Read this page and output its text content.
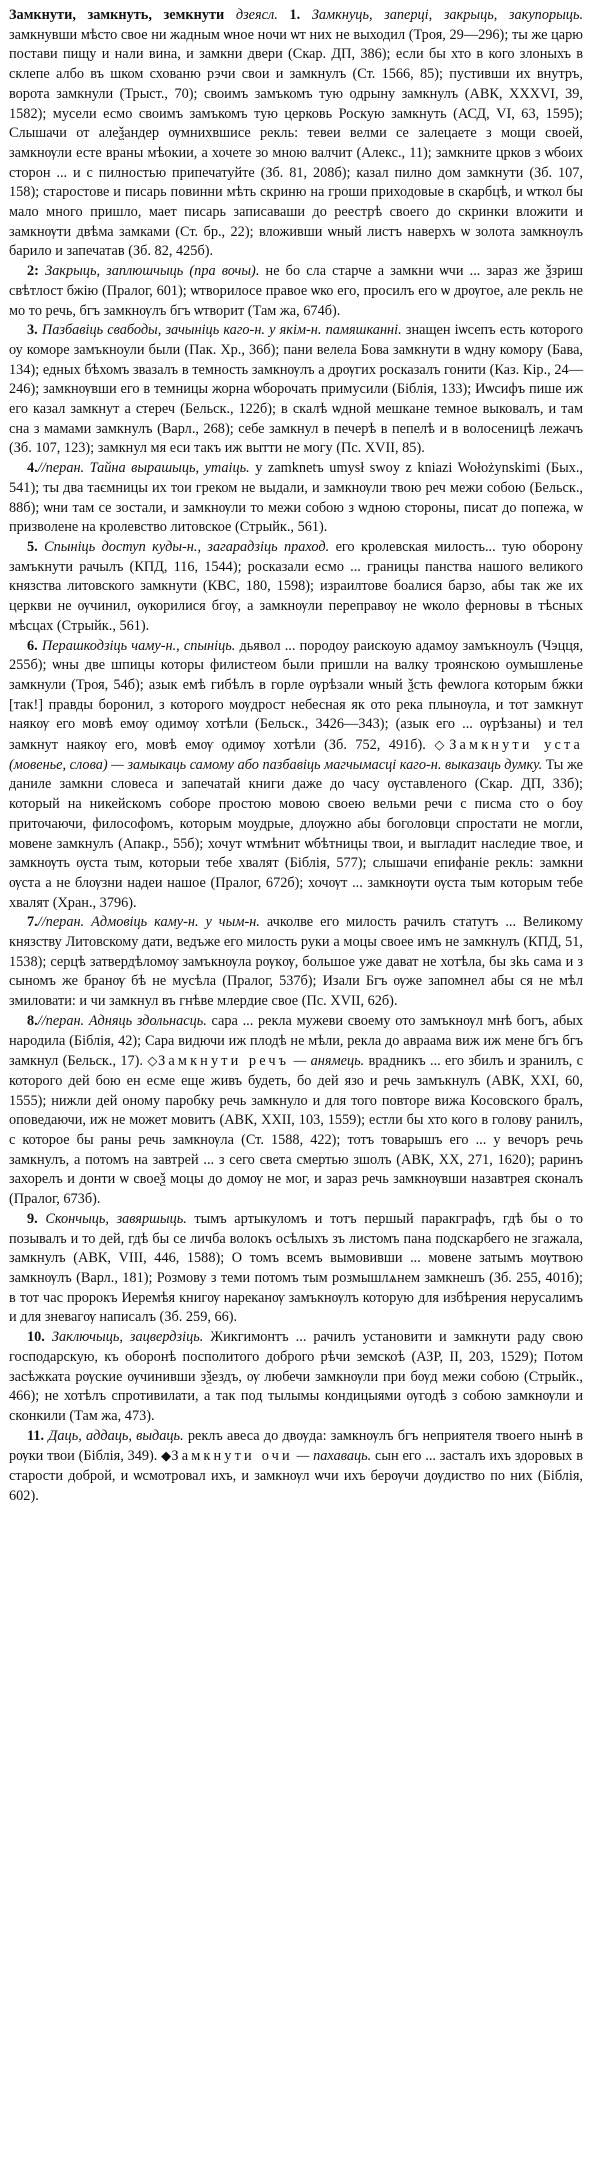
Замкнути, замкнуть, земкнути дзеясл. 1. Замкнуць, заперці, закрыць, закупорыць. замкнувши мѣсто свое ни жадным ѡное ночи ѡт них не выходил (Троя, 29—296); ты же царю постави пищу и нали вина, и замкни двери (Скар. ДП, 386); если бы хто в кого злоныхъ в склепе албо въ шком схованю рэчи свои и замкнулъ (Ст. 1566, 85); пустивши их внутръ, ворота замкнули (Трыст., 70); своимъ замъкомъ тую одрыну замкнулъ (АВК, XXXVI, 39, 1582); мусели есмо своимъ замъкомъ тую церковь Роскую замкнуть (АСД, VI, 63, 1595); Слышачи от алеѯандер ѹмнихвшисе рекль: тевеи велми се залецаете з мощи своей, замкнѹли есте враны мѣокии, а хочете зо мною валчит (Алекс., 11); замкните црков з ѡбоих сторон ... и с пилностью припечатуйте (Зб. 81, 208б); казал пилно дом замкнути (Зб. 107, 158); старостове и писарь повинни мѣть скриню на гроши приходовые в скарбцѣ, и ѡткол бы мало много пришло, мает писарь записаваши до реестрѣ своего до скринки вложити и замкнѹти двѣма замками (Ст. бр., 22); вложивши ѡный листъ наверхъ ѡ золота замкнѹлъ барило и запечатав (Зб. 82, 425б).

2: Закрыць, заплюшчыць (пра вочы). не бо сла старче а замкни ѡчи ... зараз же ѯзриш свѣтлост бжію (Пралог, 601); ѡтворилосе правое ѡко его, просилъ его ѡ дрѹгое, але рекль не мо то речь, бгъ замкнѹлъ бгъ ѡтворит (Там жа, 674б).

3. Пазбавіць свабоды, зачыніць каго-н. у якім-н. памяшканні. знащен іѡсепъ есть которого оу коморе замъкноули были (Пак. Хр., 36б); пани велела Бова замкнути в ѡдну комору (Бава, 134); едных бѣхомъ звазалъ в темность замкнѹлъ а дрѹгих росказалъ гонити (Каз. Кір., 24—246); замкнѹвши его в темницы жорна ѡборочать примусили (Біблія, 133); Иѡсифъ пише иж его казал замкнут а стереч (Бельск., 122б); в скалѣ ѡдной мешкане темное выковалъ, и там сна з мамами замкнулъ (Варл., 268); себе замкнул в печерѣ в пепелѣ и в волосеницѣ лежачъ (Зб. 107, 123); замкнул мя еси такъ иж вытти не могу (Пс. XVII, 85).

4.//перан. Тайна вырашыць, утаіць. у zamknetъ umysł swoy z kniazi Wołożynskimi (Бых., 541); ты два таємницы их тои греком не выдали, и замкнѹли твою реч межи собою (Бельск., 88б); ѡни там се зостали, и замкнѹли то межи собою з ѡдною стороны, писат до попежа, ѡ призволене на кролевство литовское (Стрыйк., 561).

5. Спыніць доступ куды-н., загарадзіць праход. его кролевская милость... тую оборону замъкнути рачылъ (КПД, 116, 1544); росказали есмо ... границы панства нашого великого князства литовского замкнути (КВС, 180, 1598); израилтове боалися барзо, абы так же их церкви не ѹчинил, ѹкорилися бгѹ, а замкнѹли переправѹ не ѡколо ферновы в тѣсных мѣсцах (Стрыйк., 561).

6. Перашкодзіць чаму-н., спыніць. дьявол ... породоу раискоую адамоу замъкноулъ (Чэцця, 255б); ѡны две шпицы которы филистеом были пришли на валку троянскою оумышленье замкнули (Троя, 54б); азык емѣ гибѣлъ в горле ѹрѣзали ѡный ѯсть феѡлога которым бжки [так!] правды боронил, з которого мѹдрост небесная як ото река плынѹла, и тот замкнут наякѹ его мовѣ емѹ одимѹ хотѣли (Бельск., 3426—343); (азык его ... ѹрѣзаны) и тел замкнут наякѹ его, мовѣ емѹ одимѹ хотѣли (Зб. 752, 491б). ◇Замкнути уста (мовенье, слова) — замыкаць самому або пазбавіць магчымасці каго-н. выказаць думку. Ты же даниле замкни словеса и запечатай книги даже до часу ѹставленого (Скар. ДП, 33б); который на никейскомъ соборе простою мовою своею вельми речи с писма сто о боу приточаючи, философомъ, которым моудрые, длѹжно абы боголовци спростати не могли, мовене замкнулъ (Апакр., 55б); хочут ѡтмѣнит ѡбѣтницы твои, и выгладит наследие твое, и замкнѹть ѹста тым, которыи тебе хвалят (Біблія, 577); слышачи епифаніе рекль: замкни ѹста а не блѹзни надеи нашое (Пралог, 672б); хочѹт ... замкнѹти ѹста тым которым тебе хвалят (Хран., 3796).

7.//перан. Адмовіць каму-н. у чым-н. ачколве его милость рачилъ статутъ ... Великому князству Литовскому дати, ведъже его милость руки а моцы своее имъ не замкнулъ (КПД, 51, 1538); серцѣ затвердѣломѹ замъкнѹла рѹкѹ, большое уже дават не хотѣла, бы зkь сама и з сыномъ же бранѹ бѣ не мусѣла (Пралог, 537б); Изали Бгъ ѹже запомнел абы ся не мѣл змиловати: и чи замкнул въ гнѣве млердие свое (Пс. XVII, 62б).

8.//перан. Адняць здольнасць. сара ... рекла мужеви своему ото замъкнѹл мнѣ богъ, абых народила (Біблія, 42); Сара видючи иж плодѣ не мѣли, рекла до авраама виж иж мене бгъ бгъ замкнул (Бельск., 17). ◇Замкнути речъ — анямець. врадникъ ... его збилъ и зранилъ, с которого дей бою ен есме еще живъ будеть, бо дей язо и речь замъкнулъ (АВК, XXI, 60, 1555); нижли дей оному паробку речь замкнуло и для того повторе вижа Косовского бралъ, оповедаючи, иж не может мовитъ (АВК, XXII, 103, 1559); естли бы хто кого в голову ранилъ, с которое бы раны речь замкнѹла (Ст. 1588, 422); тотъ товарышъ его ... у вечоръ речь замкнулъ, а потомъ на завтрей ... з сего света смертью зшолъ (АВК, XX, 271, 1620); раринъ захорелъ и донти ѡ своеѯ моцы до домѹ не мог, и зараз речь замкнѹвши назавтрея сконалъ (Пралог, 673б).

9. Скончыць, завяршыць. тымъ артыкуломъ и тотъ першый паракграфъ, гдѣ бы о то позывалъ и то дей, гдѣ бы се личба волокъ осѣлыхъ зъ листомъ пана подскарбего не згажала, замкнулъ (АВК, VIII, 446, 1588); О томъ всемъ вымовивши ... мовене затымъ мѹтвою замкнѹлъ (Варл., 181); Розмову з теми потомъ тым розмышлѧнем замкнешъ (Зб. 255, 401б); в тот час пророкъ Иеремѣя книгѹ нареканѹ замъкнѹлъ которую для избѣрения нерусалимъ и для зневагѹ написалъ (Зб. 259, 66).

10. Заключыць, зацвердзіць. Жикгимонтъ ... рачилъ установити и замкнути раду свою господарскую, къ оборонѣ посполитого доброго рѣчи земскоѣ (АЗР, II, 203, 1529); Потом засѣжката рѹские ѹчинивши зѯездъ, ѹ любечи замкнѹли при бѹд межи собою (Стрыйк., 466); не хотѣлъ спротивилати, а так под тылымы кондицыями ѹгодѣ з собою замкнѹли и сконкили (Там жа, 473).

11. Даць, аддаць, выдаць. реклъ авеса до двѹда: замкнѹлъ бгъ неприятеля твоего нынѣ в рѹки твои (Біблія, 349). ◆Замкнути очи — пахаваць. сын его ... засталъ ихъ здоровых в старости доброй, и ѡсмотровал ихъ, и замкнѹл ѡчи ихъ берѹчи дѹдиство по них (Біблія, 602).
